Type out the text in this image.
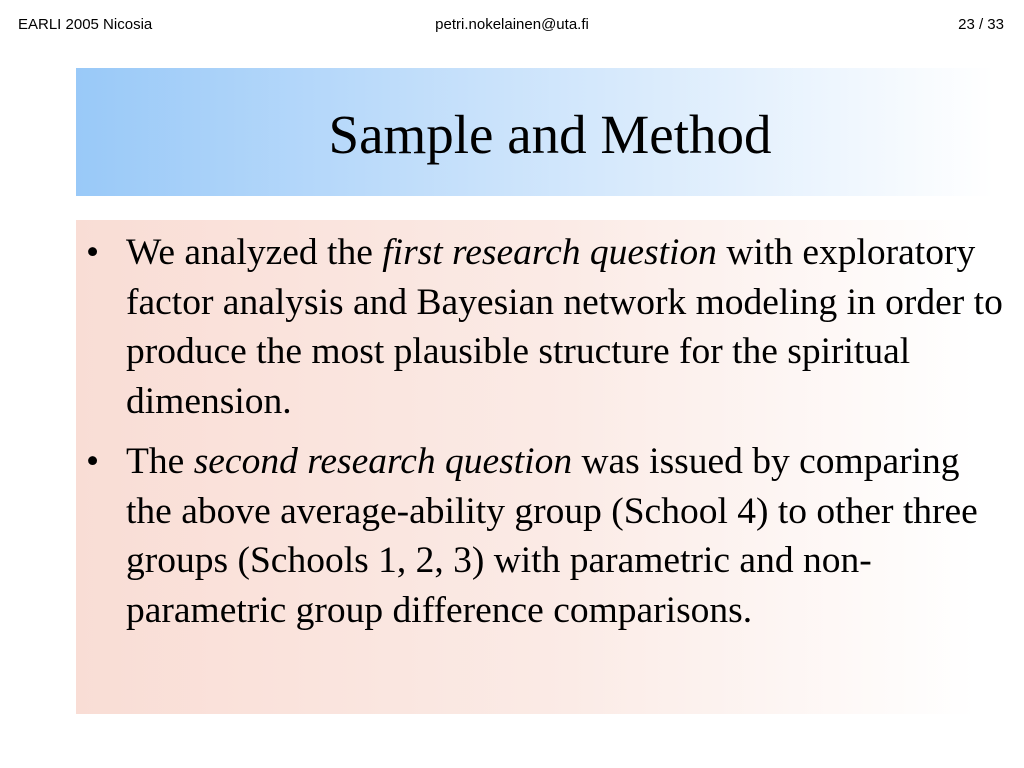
EARLI 2005 Nicosia	petri.nokelainen@uta.fi	23 / 33
Sample and Method
• We analyzed the first research question with exploratory factor analysis and Bayesian network modeling in order to produce the most plausible structure for the spiritual dimension.
• The second research question was issued by comparing the above average-ability group (School 4) to other three groups (Schools 1, 2, 3) with parametric and non-parametric group difference comparisons.
